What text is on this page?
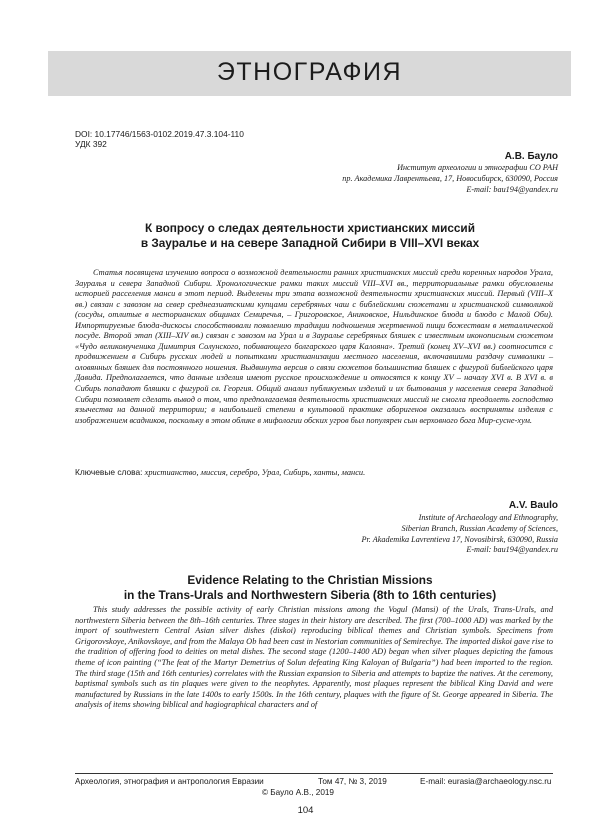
ЭТНОГРАФИЯ
DOI: 10.17746/1563-0102.2019.47.3.104-110
УДК 392
А.В. Бауло
Институт археологии и этнографии СО РАН
пр. Академика Лаврентьева, 17, Новосибирск, 630090, Россия
E-mail: bau194@yandex.ru
К вопросу о следах деятельности христианских миссий
в Зауралье и на севере Западной Сибири в VIII–XVI веках

Статья посвящена изучению вопроса о возможной деятельности ранних христианских миссий среди коренных народов Урала, Зауралья и севера Западной Сибири. Хронологические рамки таких миссий VIII–XVI вв., территориальные рамки обусловлены историей расселения манси в этот период. Выделены три этапа возможной деятельности христианских миссий. Первый (VIII–X вв.) связан с завозом на север среднеазиатскими купцами серебряных чаш с библейскими сюжетами и христианской символикой (сосуды, отлитые в несторианских общинах Семиречья, – Григоровское, Аниковское, Нильдинское блюда и блюдо с Малой Оби). Импортируемые блюда-дискосы способствовали появлению традиции подношения жертвенной пищи божествам в металлической посуде. Второй этап (XIII–XIV вв.) связан с завозом на Урал и в Зауралье серебряных бляшек с известным иконописным сюжетом «Чудо великомученика Димитрия Солунского, побивающего болгарского царя Калояна». Третий (конец XV–XVI вв.) соотносится с продвижением в Сибирь русских людей и попытками христианизации местного населения, включавшими раздачу символики – оловянных бляшек для постоянного ношения. Выдвинута версия о связи сюжетов большинства бляшек с фигурой библейского царя Давида. Предполагается, что данные изделия имеют русское происхождение и относятся к концу XV – началу XVI в. В XVI в. в Сибирь попадают бляшки с фигурой св. Георгия. Общий анализ публикуемых изделий и их бытования у населения севера Западной Сибири позволяет сделать вывод о том, что предполагаемая деятельность христианских миссий не смогла преодолеть господство язычества на данной территории; в наибольшей степени в культовой практике аборигенов оказались восприняты изделия с изображением всадников, поскольку в этом облике в мифологии обских угров был популярен сын верховного бога Мир-сусне-хум.

Ключевые слова: христианство, миссия, серебро, Урал, Сибирь, ханты, манси.
A.V. Baulo
Institute of Archaeology and Ethnography,
Siberian Branch, Russian Academy of Sciences,
Pr. Akademika Lavrentieva 17, Novosibirsk, 630090, Russia
E-mail: bau194@yandex.ru
Evidence Relating to the Christian Missions
in the Trans-Urals and Northwestern Siberia (8th to 16th centuries)

This study addresses the possible activity of early Christian missions among the Vogul (Mansi) of the Urals, Trans-Urals, and northwestern Siberia between the 8th–16th centuries. Three stages in their history are described. The first (700–1000 AD) was marked by the import of southwestern Central Asian silver dishes (diskoi) reproducing biblical themes and Christian symbols. Specimens from Grigorovskoye, Anikovskoye, and from the Malaya Ob had been cast in Nestorian communities of Semirechye. The imported diskoi gave rise to the tradition of offering food to deities on metal dishes. The second stage (1200–1400 AD) began when silver plaques depicting the famous theme of icon painting (“The feat of the Martyr Demetrius of Solun defeating King Kaloyan of Bulgaria”) had been imported to the region. The third stage (15th and 16th centuries) correlates with the Russian expansion to Siberia and attempts to baptize the natives. At the ceremony, baptismal symbols such as tin plaques were given to the neophytes. Apparently, most plaques represent the biblical King David and were manufactured by Russians in the late 1400s to early 1500s. In the 16th century, plaques with the figure of St. George appeared in Siberia. The analysis of items showing biblical and hagiographical characters and of

Археология, этнография и антропология Евразии	Том 47, № 3, 2019	E-mail: eurasia@archaeology.nsc.ru
© Бауло А.В., 2019
104
